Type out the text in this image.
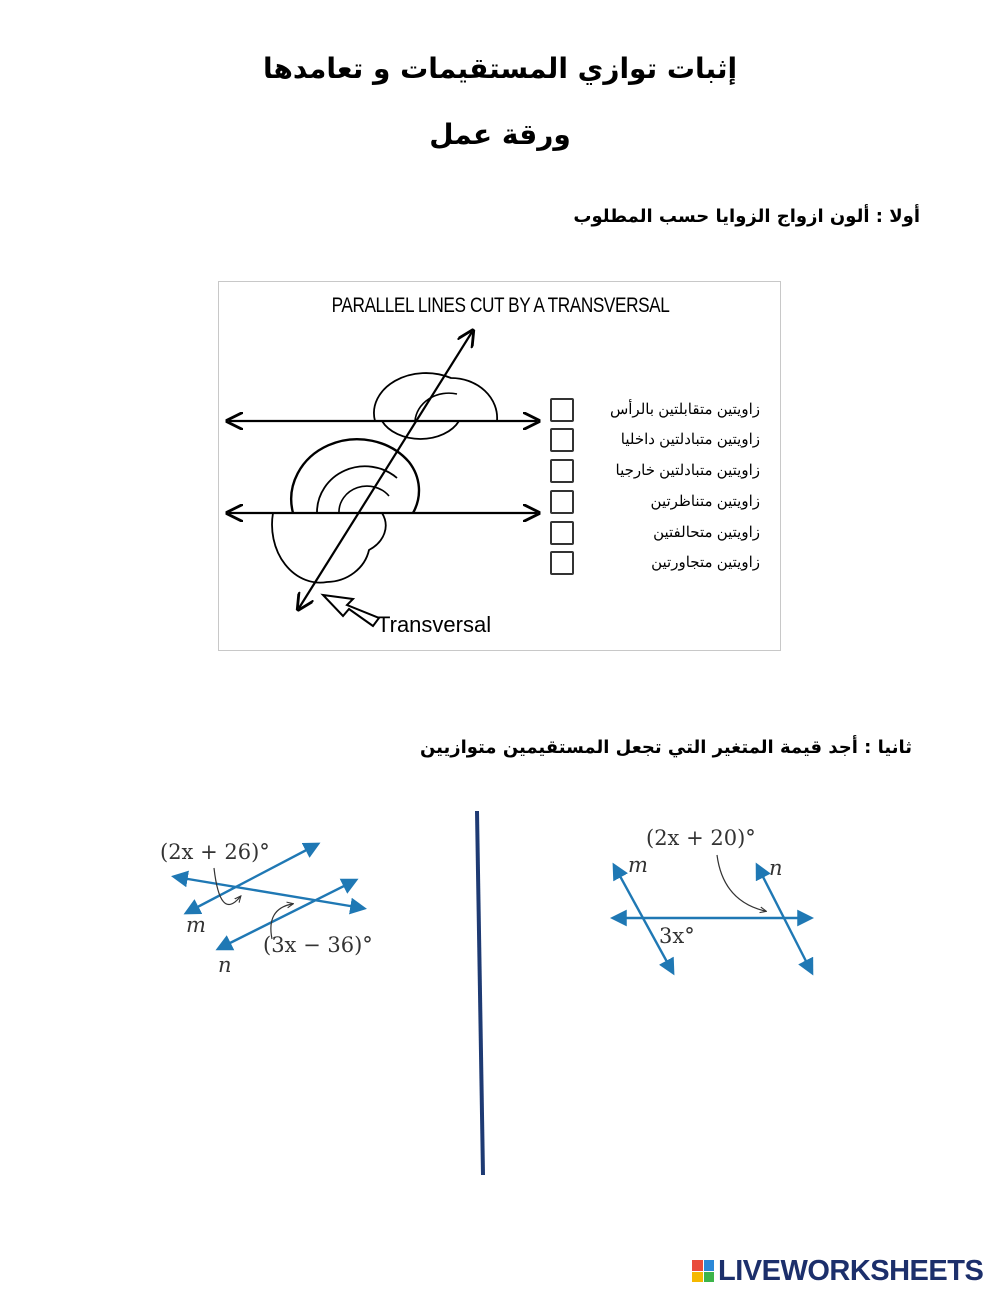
إثبات توازي المستقيمات و تعامدها
ورقة عمل
أولا : ألون ازواج الزوايا حسب المطلوب
PARALLEL LINES CUT BY A TRANSVERSAL
Transversal
زاويتين متقابلتين بالرأس
زاويتين متبادلتين داخليا
زاويتين متبادلتين خارجيا
زاويتين متناظرتين
زاويتين متحالفتين
زاويتين متجاورتين
ثانيا : أجد قيمة المتغير التي تجعل المستقيمين متوازيين
(2x + 26)°
(3x − 36)°
m
n
(2x + 20)°
3x°
m	n
LIVEWORKSHEETS
